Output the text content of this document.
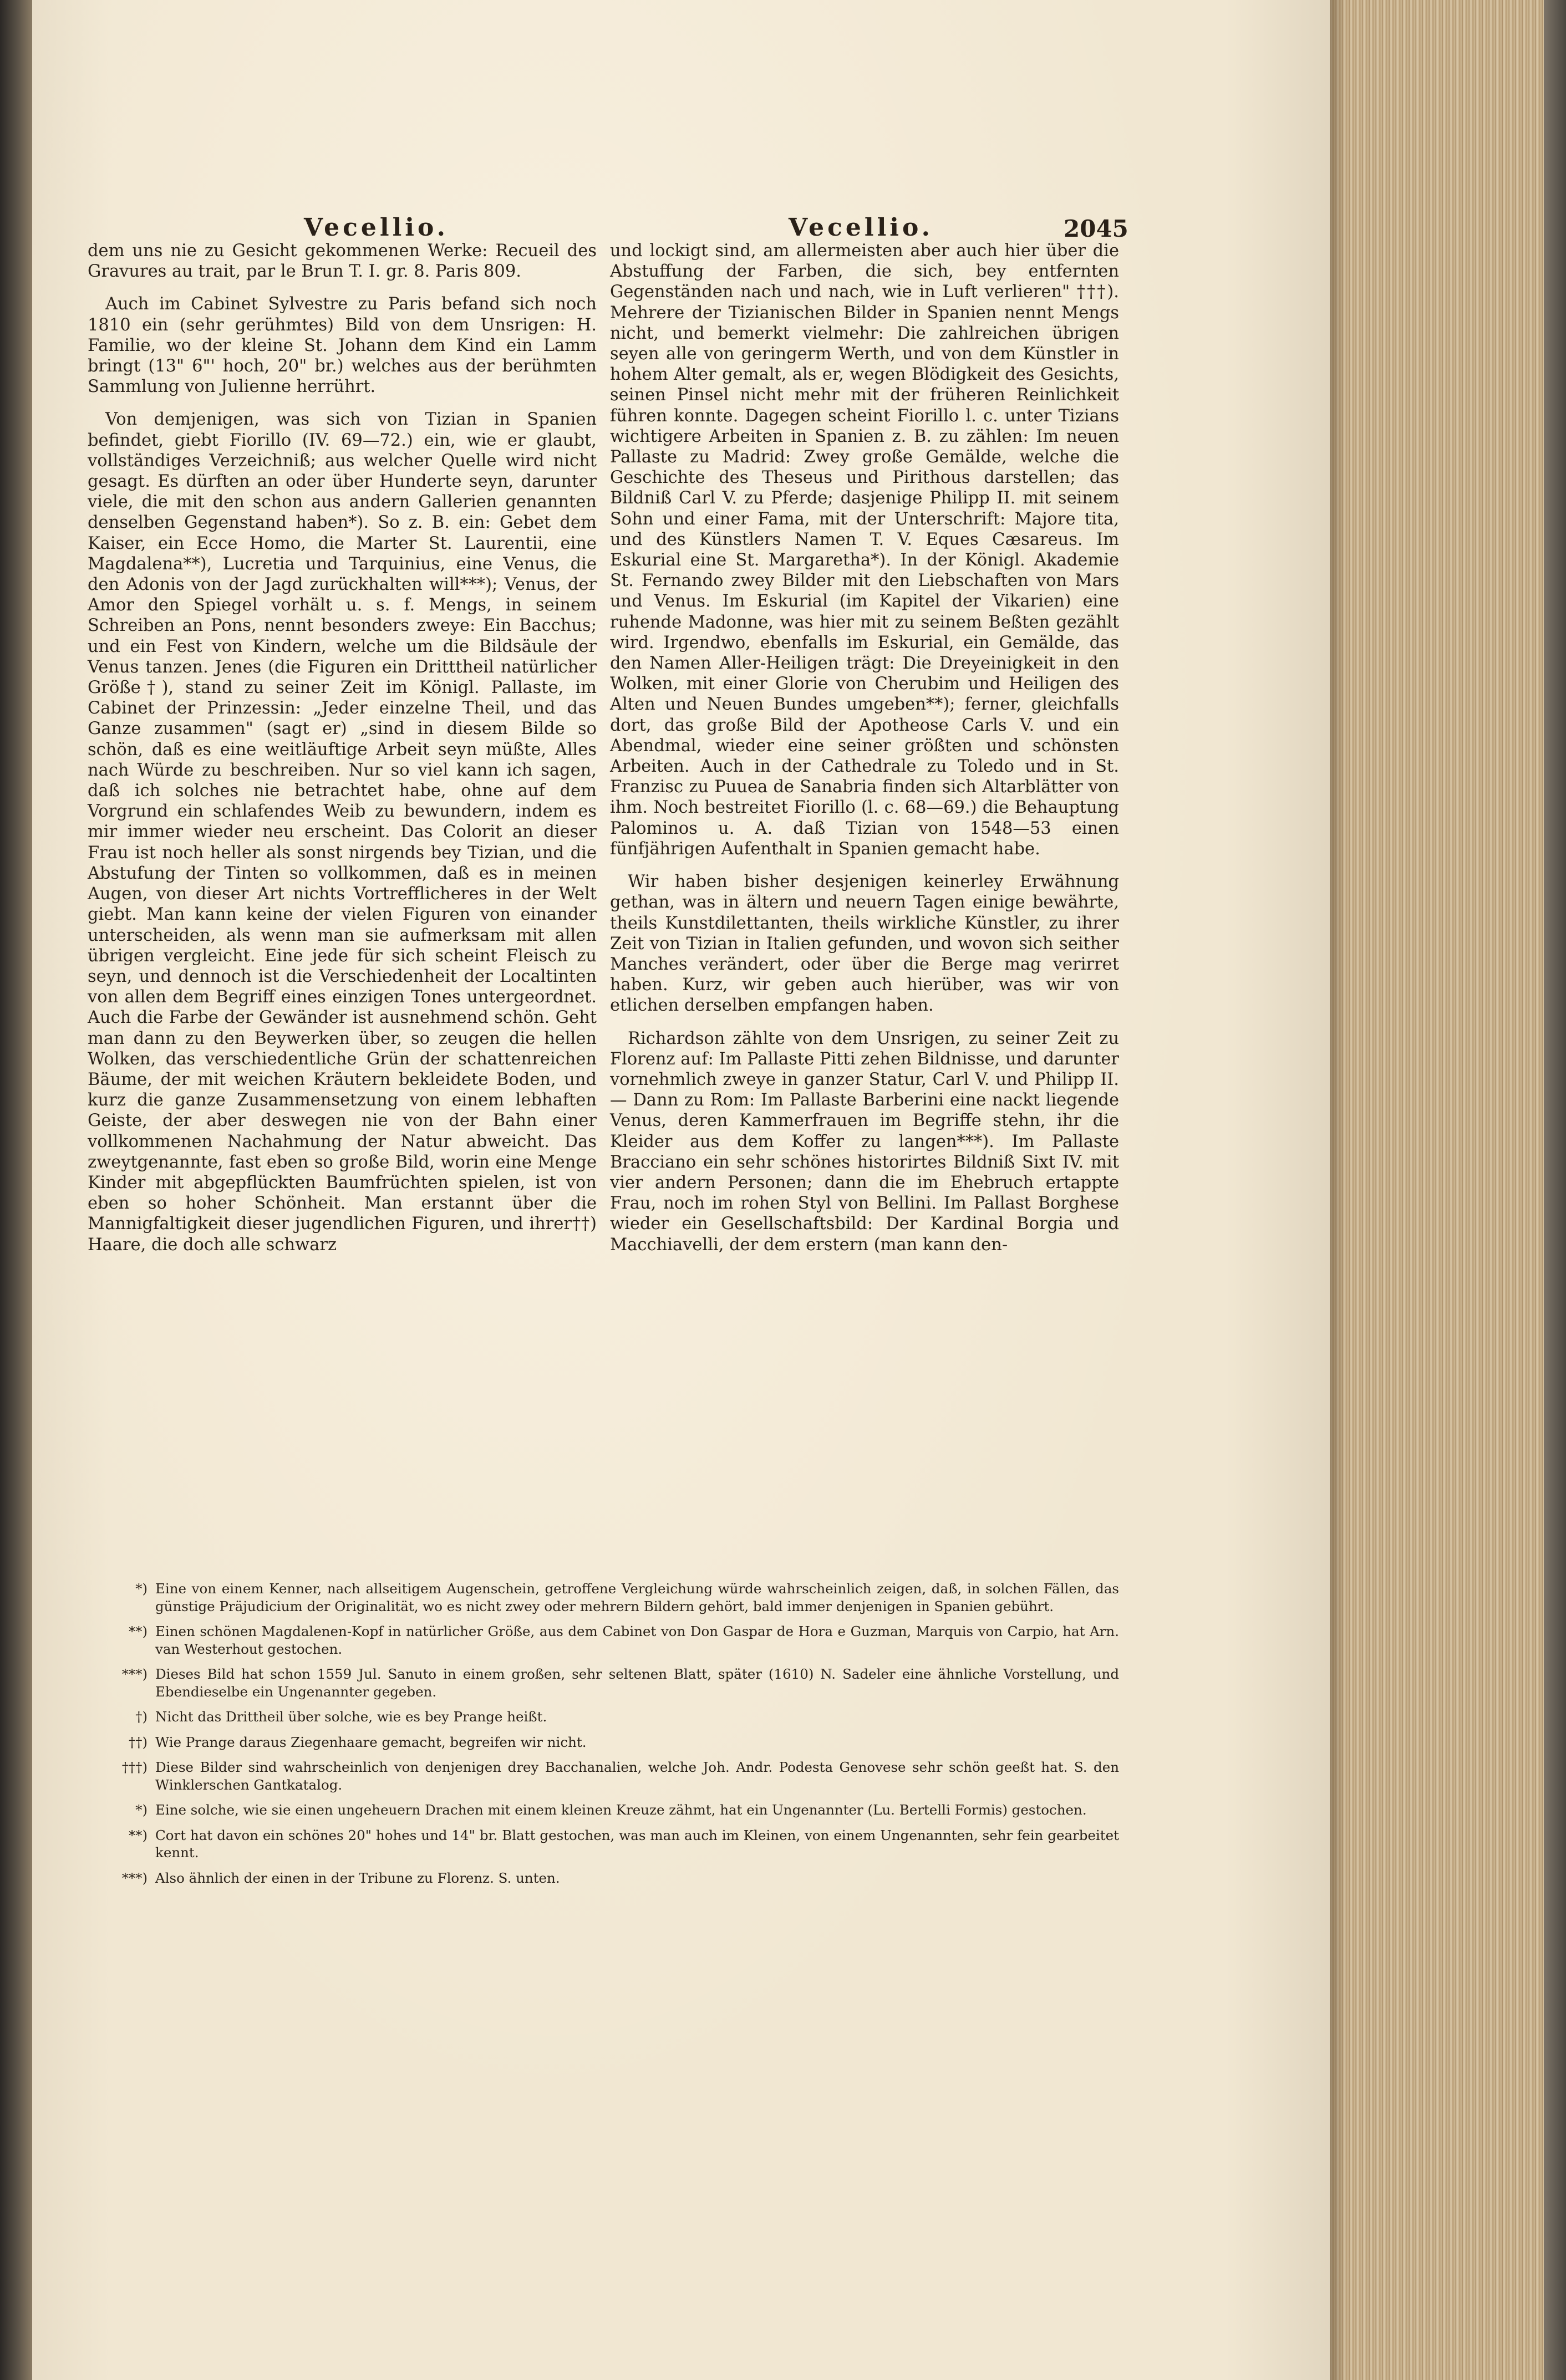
Vecellio.	Vecellio.	2045

dem uns nie zu Gesicht gekommenen Werke: Recueil des Gravures au trait, par le Brun T. I. gr. 8. Paris 809.

Auch im Cabinet Sylvestre zu Paris befand sich noch 1810 ein (sehr gerühmtes) Bild von dem Unsrigen: H. Familie, wo der kleine St. Johann dem Kind ein Lamm bringt (13" 6"' hoch, 20" br.) welches aus der berühmten Sammlung von Julienne herrührt.

Von demjenigen, was sich von Tizian in Spanien befindet, giebt Fiorillo (IV. 69—72.) ein, wie er glaubt, vollständiges Verzeichniß; aus welcher Quelle wird nicht gesagt. Es dürften an oder über Hunderte seyn, darunter viele, die mit den schon aus andern Gallerien genannten denselben Gegenstand haben*). So z. B. ein: Gebet dem Kaiser, ein Ecce Homo, die Marter St. Laurentii, eine Magdalena**), Lucretia und Tarquinius, eine Venus, die den Adonis von der Jagd zurückhalten will***); Venus, der Amor den Spiegel vorhält u. s. f. Mengs, in seinem Schreiben an Pons, nennt besonders zweye: Ein Bacchus; und ein Fest von Kindern, welche um die Bildsäule der Venus tanzen. Jenes (die Figuren ein Dritttheil natürlicher Größe†), stand zu seiner Zeit im Königl. Pallaste, im Cabinet der Prinzessin: „Jeder einzelne Theil, und das Ganze zusammen" (sagt er) „sind in diesem Bilde so schön, daß es eine weitläuftige Arbeit seyn müßte, Alles nach Würde zu beschreiben. Nur so viel kann ich sagen, daß ich solches nie betrachtet habe, ohne auf dem Vorgrund ein schlafendes Weib zu bewundern, indem es mir immer wieder neu erscheint. Das Colorit an dieser Frau ist noch heller als sonst nirgends bey Tizian, und die Abstufung der Tinten so vollkommen, daß es in meinen Augen, von dieser Art nichts Vortrefflicheres in der Welt giebt. Man kann keine der vielen Figuren von einander unterscheiden, als wenn man sie aufmerksam mit allen übrigen vergleicht. Eine jede für sich scheint Fleisch zu seyn, und dennoch ist die Verschiedenheit der Localtinten von allen dem Begriff eines einzigen Tones untergeordnet. Auch die Farbe der Gewänder ist ausnehmend schön. Geht man dann zu den Beywerken über, so zeugen die hellen Wolken, das verschiedentliche Grün der schattenreichen Bäume, der mit weichen Kräutern bekleidete Boden, und kurz die ganze Zusammensetzung von einem lebhaften Geiste, der aber deswegen nie von der Bahn einer vollkommenen Nachahmung der Natur abweicht. Das zweytgenannte, fast eben so große Bild, worin eine Menge Kinder mit abgepflückten Baumfrüchten spielen, ist von eben so hoher Schönheit. Man erstannt über die Mannigfaltigkeit dieser jugendlichen Figuren, und ihrer††) Haare, die doch alle schwarz

und lockigt sind, am allermeisten aber auch hier über die Abstuffung der Farben, die sich, bey entfernten Gegenständen nach und nach, wie in Luft verlieren" †††). Mehrere der Tizianischen Bilder in Spanien nennt Mengs nicht, und bemerkt vielmehr: Die zahlreichen übrigen seyen alle von geringerm Werth, und von dem Künstler in hohem Alter gemalt, als er, wegen Blödigkeit des Gesichts, seinen Pinsel nicht mehr mit der früheren Reinlichkeit führen konnte. Dagegen scheint Fiorillo l. c. unter Tizians wichtigere Arbeiten in Spanien z. B. zu zählen: Im neuen Pallaste zu Madrid: Zwey große Gemälde, welche die Geschichte des Theseus und Pirithous darstellen; das Bildniß Carl V. zu Pferde; dasjenige Philipp II. mit seinem Sohn und einer Fama, mit der Unterschrift: Majore tita, und des Künstlers Namen T. V. Eques Cæsareus. Im Eskurial eine St. Margaretha*). In der Königl. Akademie St. Fernando zwey Bilder mit den Liebschaften von Mars und Venus. Im Eskurial (im Kapitel der Vikarien) eine ruhende Madonne, was hier mit zu seinem Beßten gezählt wird. Irgendwo, ebenfalls im Eskurial, ein Gemälde, das den Namen Aller-Heiligen trägt: Die Dreyeinigkeit in den Wolken, mit einer Glorie von Cherubim und Heiligen des Alten und Neuen Bundes umgeben**); ferner, gleichfalls dort, das große Bild der Apotheose Carls V. und ein Abendmal, wieder eine seiner größten und schönsten Arbeiten. Auch in der Cathedrale zu Toledo und in St. Franzisc zu Puuea de Sanabria finden sich Altarblätter von ihm. Noch bestreitet Fiorillo (l. c. 68—69.) die Behauptung Palominos u. A. daß Tizian von 1548—53 einen fünfjährigen Aufenthalt in Spanien gemacht habe.

Wir haben bisher desjenigen keinerley Erwähnung gethan, was in ältern und neuern Tagen einige bewährte, theils Kunstdilettanten, theils wirkliche Künstler, zu ihrer Zeit von Tizian in Italien gefunden, und wovon sich seither Manches verändert, oder über die Berge mag verirret haben. Kurz, wir geben auch hierüber, was wir von etlichen derselben empfangen haben.

Richardson zählte von dem Unsrigen, zu seiner Zeit zu Florenz auf: Im Pallaste Pitti zehen Bildnisse, und darunter vornehmlich zweye in ganzer Statur, Carl V. und Philipp II. — Dann zu Rom: Im Pallaste Barberini eine nackt liegende Venus, deren Kammerfrauen im Begriffe stehn, ihr die Kleider aus dem Koffer zu langen***). Im Pallaste Bracciano ein sehr schönes historirtes Bildniß Sixt IV. mit vier andern Personen; dann die im Ehebruch ertappte Frau, noch im rohen Styl von Bellini. Im Pallast Borghese wieder ein Gesellschaftsbild: Der Kardinal Borgia und Macchiavelli, der dem erstern (man kann den-

*) Eine von einem Kenner, nach allseitigem Augenschein, getroffene Vergleichung würde wahrscheinlich zeigen, daß, in solchen Fällen, das günstige Präjudicium der Originalität, wo es nicht zwey oder mehrern Bildern gehört, bald immer denjenigen in Spanien gebührt.
**) Einen schönen Magdalenen-Kopf in natürlicher Größe, aus dem Cabinet von Don Gaspar de Hora e Guzman, Marquis von Carpio, hat Arn. van Westerhout gestochen.
***) Dieses Bild hat schon 1559 Jul. Sanuto in einem großen, sehr seltenen Blatt, später (1610) N. Sadeler eine ähnliche Vorstellung, und Ebendieselbe ein Ungenannter gegeben.
†) Nicht das Drittheil über solche, wie es bey Prange heißt.
††) Wie Prange daraus Ziegenhaare gemacht, begreifen wir nicht.
†††) Diese Bilder sind wahrscheinlich von denjenigen drey Bacchanalien, welche Joh. Andr. Podesta Genovese sehr schön geeßt hat. S. den Winklerschen Gantkatalog.
*) Eine solche, wie sie einen ungeheuern Drachen mit einem kleinen Kreuze zähmt, hat ein Ungenannter (Lu. Bertelli Formis) gestochen.
**) Cort hat davon ein schönes 20" hohes und 14" br. Blatt gestochen, was man auch im Kleinen, von einem Ungenannten, sehr fein gearbeitet kennt.
***) Also ähnlich der einen in der Tribune zu Florenz. S. unten.
